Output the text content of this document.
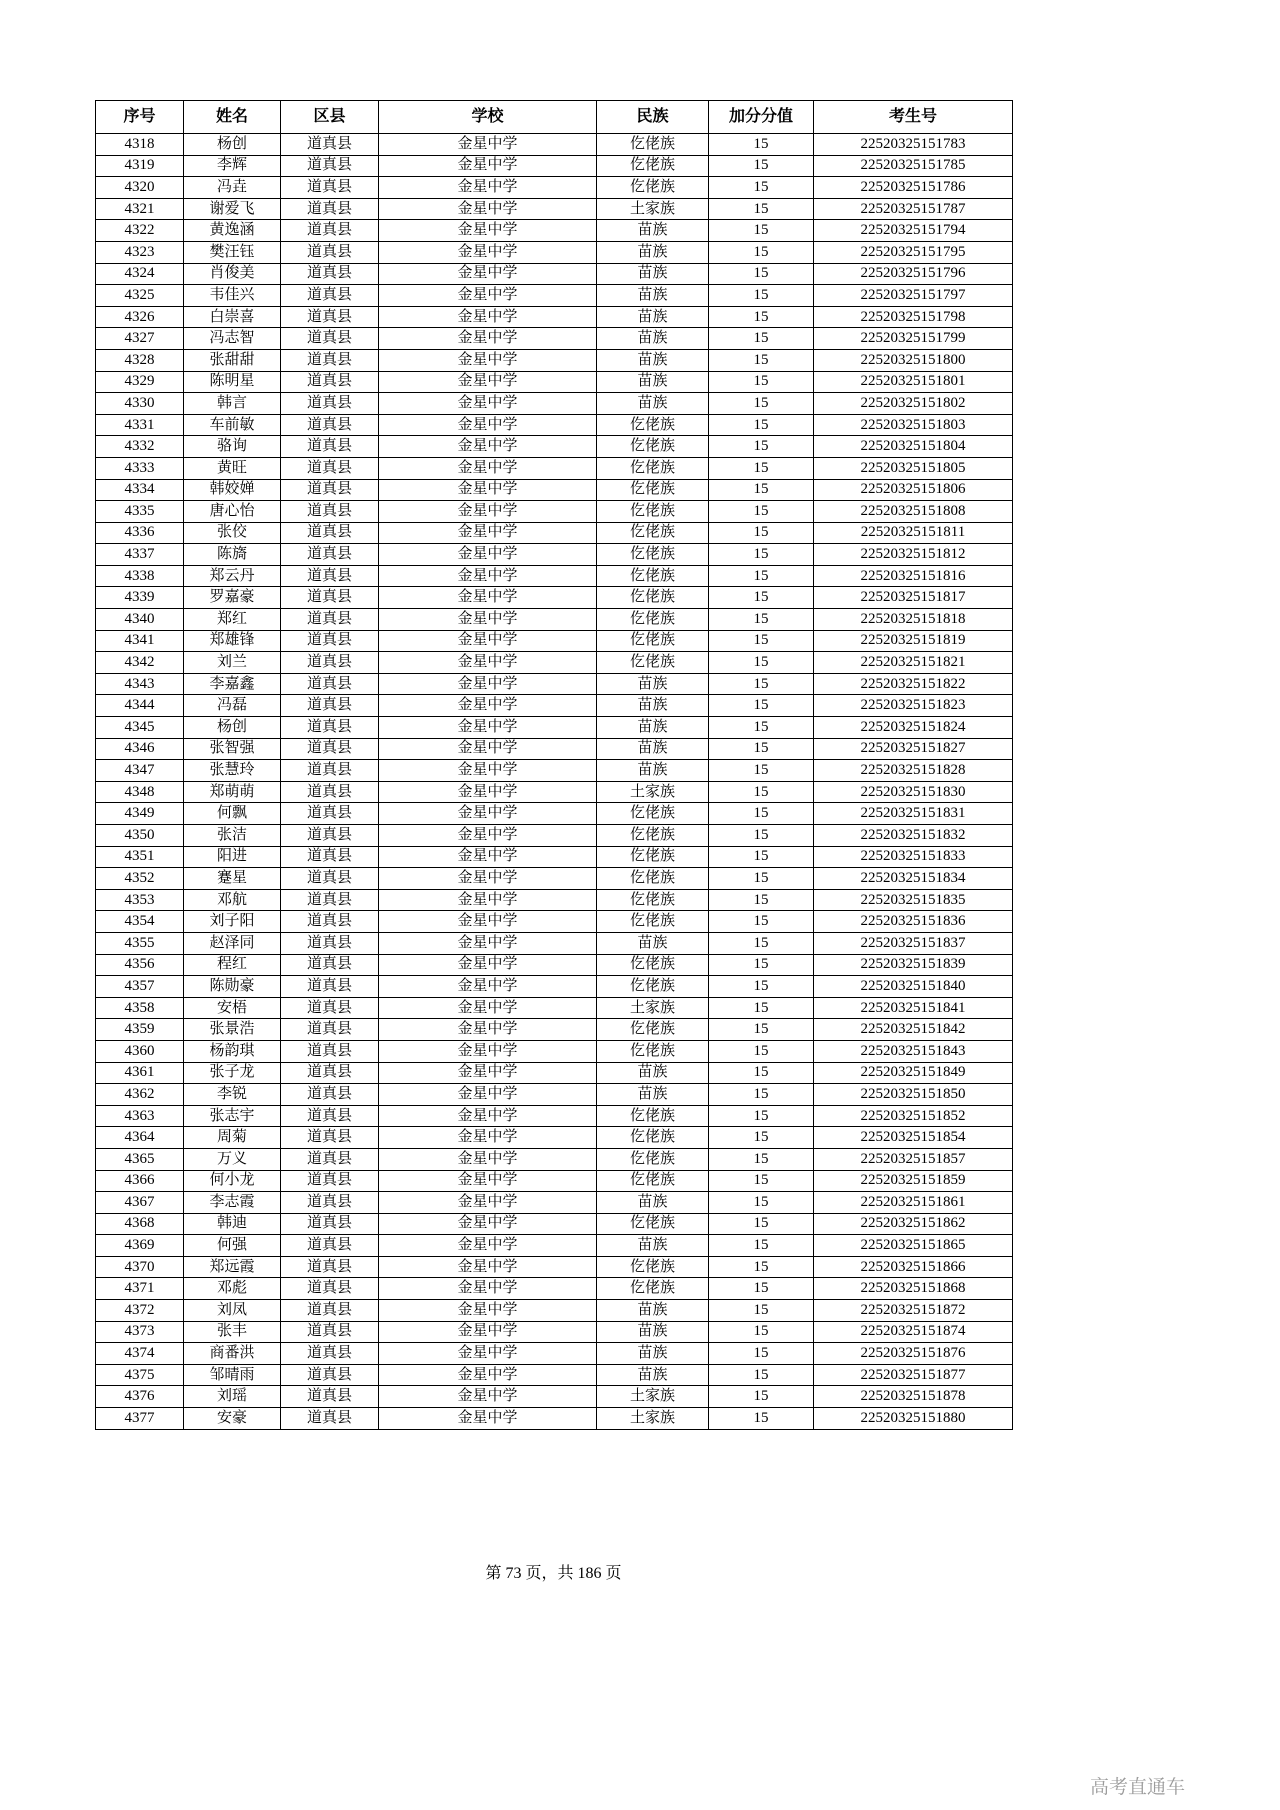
序号	姓名	区县	学校	民族	加分分值	考生号
4318	杨创	道真县	金星中学	仡佬族	15	22520325151783
4319	李辉	道真县	金星中学	仡佬族	15	22520325151785
4320	冯垚	道真县	金星中学	仡佬族	15	22520325151786
4321	谢爱飞	道真县	金星中学	土家族	15	22520325151787
4322	黄逸涵	道真县	金星中学	苗族	15	22520325151794
4323	樊汪钰	道真县	金星中学	苗族	15	22520325151795
4324	肖俊美	道真县	金星中学	苗族	15	22520325151796
4325	韦佳兴	道真县	金星中学	苗族	15	22520325151797
4326	白崇喜	道真县	金星中学	苗族	15	22520325151798
4327	冯志智	道真县	金星中学	苗族	15	22520325151799
4328	张甜甜	道真县	金星中学	苗族	15	22520325151800
4329	陈明星	道真县	金星中学	苗族	15	22520325151801
4330	韩言	道真县	金星中学	苗族	15	22520325151802
4331	车前敏	道真县	金星中学	仡佬族	15	22520325151803
4332	骆询	道真县	金星中学	仡佬族	15	22520325151804
4333	黄旺	道真县	金星中学	仡佬族	15	22520325151805
4334	韩姣婵	道真县	金星中学	仡佬族	15	22520325151806
4335	唐心怡	道真县	金星中学	仡佬族	15	22520325151808
4336	张佼	道真县	金星中学	仡佬族	15	22520325151811
4337	陈旖	道真县	金星中学	仡佬族	15	22520325151812
4338	郑云丹	道真县	金星中学	仡佬族	15	22520325151816
4339	罗嘉豪	道真县	金星中学	仡佬族	15	22520325151817
4340	郑红	道真县	金星中学	仡佬族	15	22520325151818
4341	郑雄锋	道真县	金星中学	仡佬族	15	22520325151819
4342	刘兰	道真县	金星中学	仡佬族	15	22520325151821
4343	李嘉鑫	道真县	金星中学	苗族	15	22520325151822
4344	冯磊	道真县	金星中学	苗族	15	22520325151823
4345	杨创	道真县	金星中学	苗族	15	22520325151824
4346	张智强	道真县	金星中学	苗族	15	22520325151827
4347	张慧玲	道真县	金星中学	苗族	15	22520325151828
4348	郑萌萌	道真县	金星中学	土家族	15	22520325151830
4349	何飘	道真县	金星中学	仡佬族	15	22520325151831
4350	张洁	道真县	金星中学	仡佬族	15	22520325151832
4351	阳进	道真县	金星中学	仡佬族	15	22520325151833
4352	蹇星	道真县	金星中学	仡佬族	15	22520325151834
4353	邓航	道真县	金星中学	仡佬族	15	22520325151835
4354	刘子阳	道真县	金星中学	仡佬族	15	22520325151836
4355	赵泽同	道真县	金星中学	苗族	15	22520325151837
4356	程红	道真县	金星中学	仡佬族	15	22520325151839
4357	陈勋豪	道真县	金星中学	仡佬族	15	22520325151840
4358	安梧	道真县	金星中学	土家族	15	22520325151841
4359	张景浩	道真县	金星中学	仡佬族	15	22520325151842
4360	杨韵琪	道真县	金星中学	仡佬族	15	22520325151843
4361	张子龙	道真县	金星中学	苗族	15	22520325151849
4362	李锐	道真县	金星中学	苗族	15	22520325151850
4363	张志宇	道真县	金星中学	仡佬族	15	22520325151852
4364	周菊	道真县	金星中学	仡佬族	15	22520325151854
4365	万义	道真县	金星中学	仡佬族	15	22520325151857
4366	何小龙	道真县	金星中学	仡佬族	15	22520325151859
4367	李志霞	道真县	金星中学	苗族	15	22520325151861
4368	韩迪	道真县	金星中学	仡佬族	15	22520325151862
4369	何强	道真县	金星中学	苗族	15	22520325151865
4370	郑远霞	道真县	金星中学	仡佬族	15	22520325151866
4371	邓彪	道真县	金星中学	仡佬族	15	22520325151868
4372	刘凤	道真县	金星中学	苗族	15	22520325151872
4373	张丰	道真县	金星中学	苗族	15	22520325151874
4374	商番洪	道真县	金星中学	苗族	15	22520325151876
4375	邹晴雨	道真县	金星中学	苗族	15	22520325151877
4376	刘瑶	道真县	金星中学	土家族	15	22520325151878
4377	安豪	道真县	金星中学	土家族	15	22520325151880
第 73 页，共 186 页
高考直通车
